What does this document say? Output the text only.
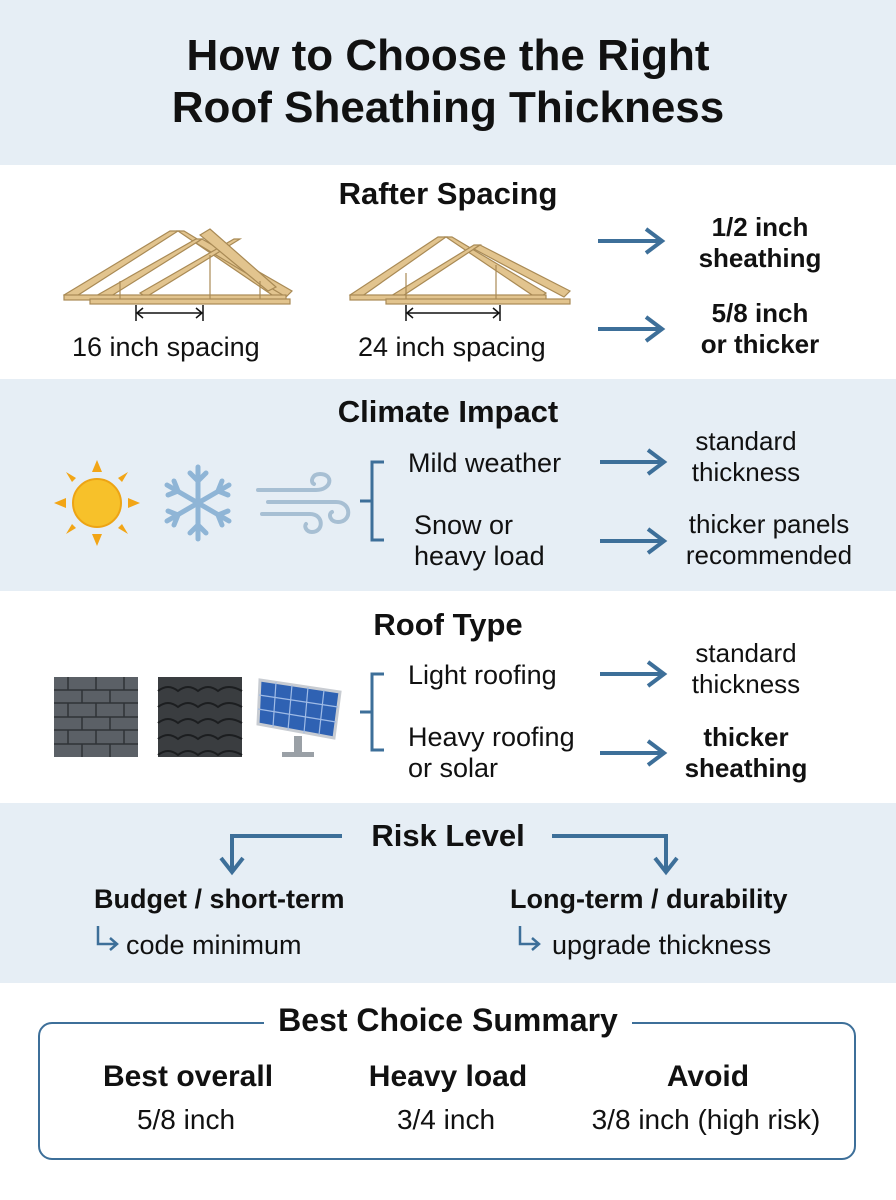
How to Choose the Right
Roof Sheathing Thickness
Rafter Spacing
16 inch spacing	24 inch spacing
1/2 inch
sheathing
5/8 inch
or thicker
Climate Impact
Mild weather
Snow or
heavy load
standard
thickness
thicker panels
recommended
Roof Type
Light roofing
Heavy roofing
or solar
standard
thickness
thicker
sheathing
Risk Level
Budget / short-term
code minimum
Long-term / durability
upgrade thickness
Best Choice Summary
Best overall
5/8 inch
Heavy load
3/4 inch
Avoid
3/8 inch (high risk)
